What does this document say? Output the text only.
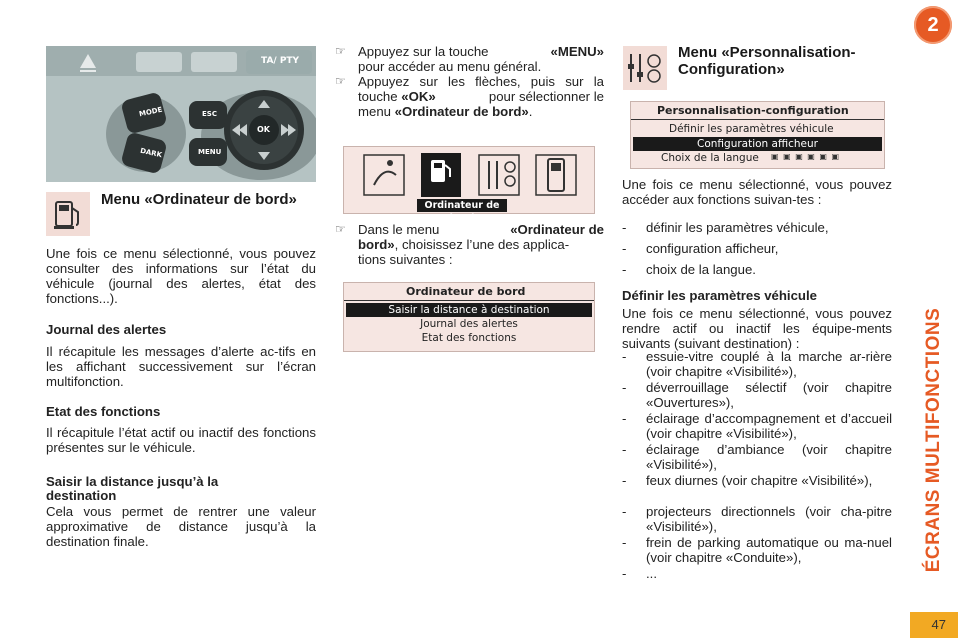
2
ÉCRANS MULTIFONCTIONS
47
TA/ PTY
MODE
DARK
ESC
MENU
OK
Menu «Ordinateur de bord»
Une fois ce menu sélectionné, vous pouvez consulter des informations sur l’état du véhicule (journal des alertes, état des fonctions...).
Journal des alertes
Il récapitule les messages d’alerte ac-tifs en les affichant successivement sur l’écran multifonction.
Etat des fonctions
Il récapitule l’état actif ou inactif des fonctions présentes sur le véhicule.
Saisir la distance jusqu’à la destination
Cela vous permet de rentrer une valeur approximative de distance jusqu’à la destination finale.
☞ Appuyez sur la touche	«MENU»
pour accéder au menu général.
☞ Appuyez sur les flèches, puis sur la
touche «OK»	pour sélectionner le
menu «Ordinateur de bord».
Ordinateur de bord
☞ Dans le menu	«Ordinateur de
bord», choisissez l’une des applica-
tions suivantes :
Ordinateur de bord
Saisir la distance à destination
Journal des alertes
Etat des fonctions
Menu «Personnalisation-Configuration»
Personnalisation-configuration
Définir les paramètres véhicule
Configuration afficheur
Choix de la langue ▣ ▣ ▣ ▣ ▣ ▣
Une fois ce menu sélectionné, vous pouvez accéder aux fonctions suivan-tes :
- définir les paramètres véhicule,
- configuration afficheur,
- choix de la langue.
Définir les paramètres véhicule
Une fois ce menu sélectionné, vous pouvez rendre actif ou inactif les équipe-ments suivants (suivant destination) :
- essuie-vitre couplé à la marche ar-rière (voir chapitre «Visibilité»),
- déverrouillage sélectif (voir chapitre «Ouvertures»),
- éclairage d’accompagnement et d’accueil (voir chapitre «Visibilité»),
- éclairage d’ambiance (voir chapitre «Visibilité»),
- feux diurnes (voir chapitre «Visibilité»),
- projecteurs directionnels (voir cha-pitre «Visibilité»),
- frein de parking automatique ou ma-nuel (voir chapitre «Conduite»),
- ...
